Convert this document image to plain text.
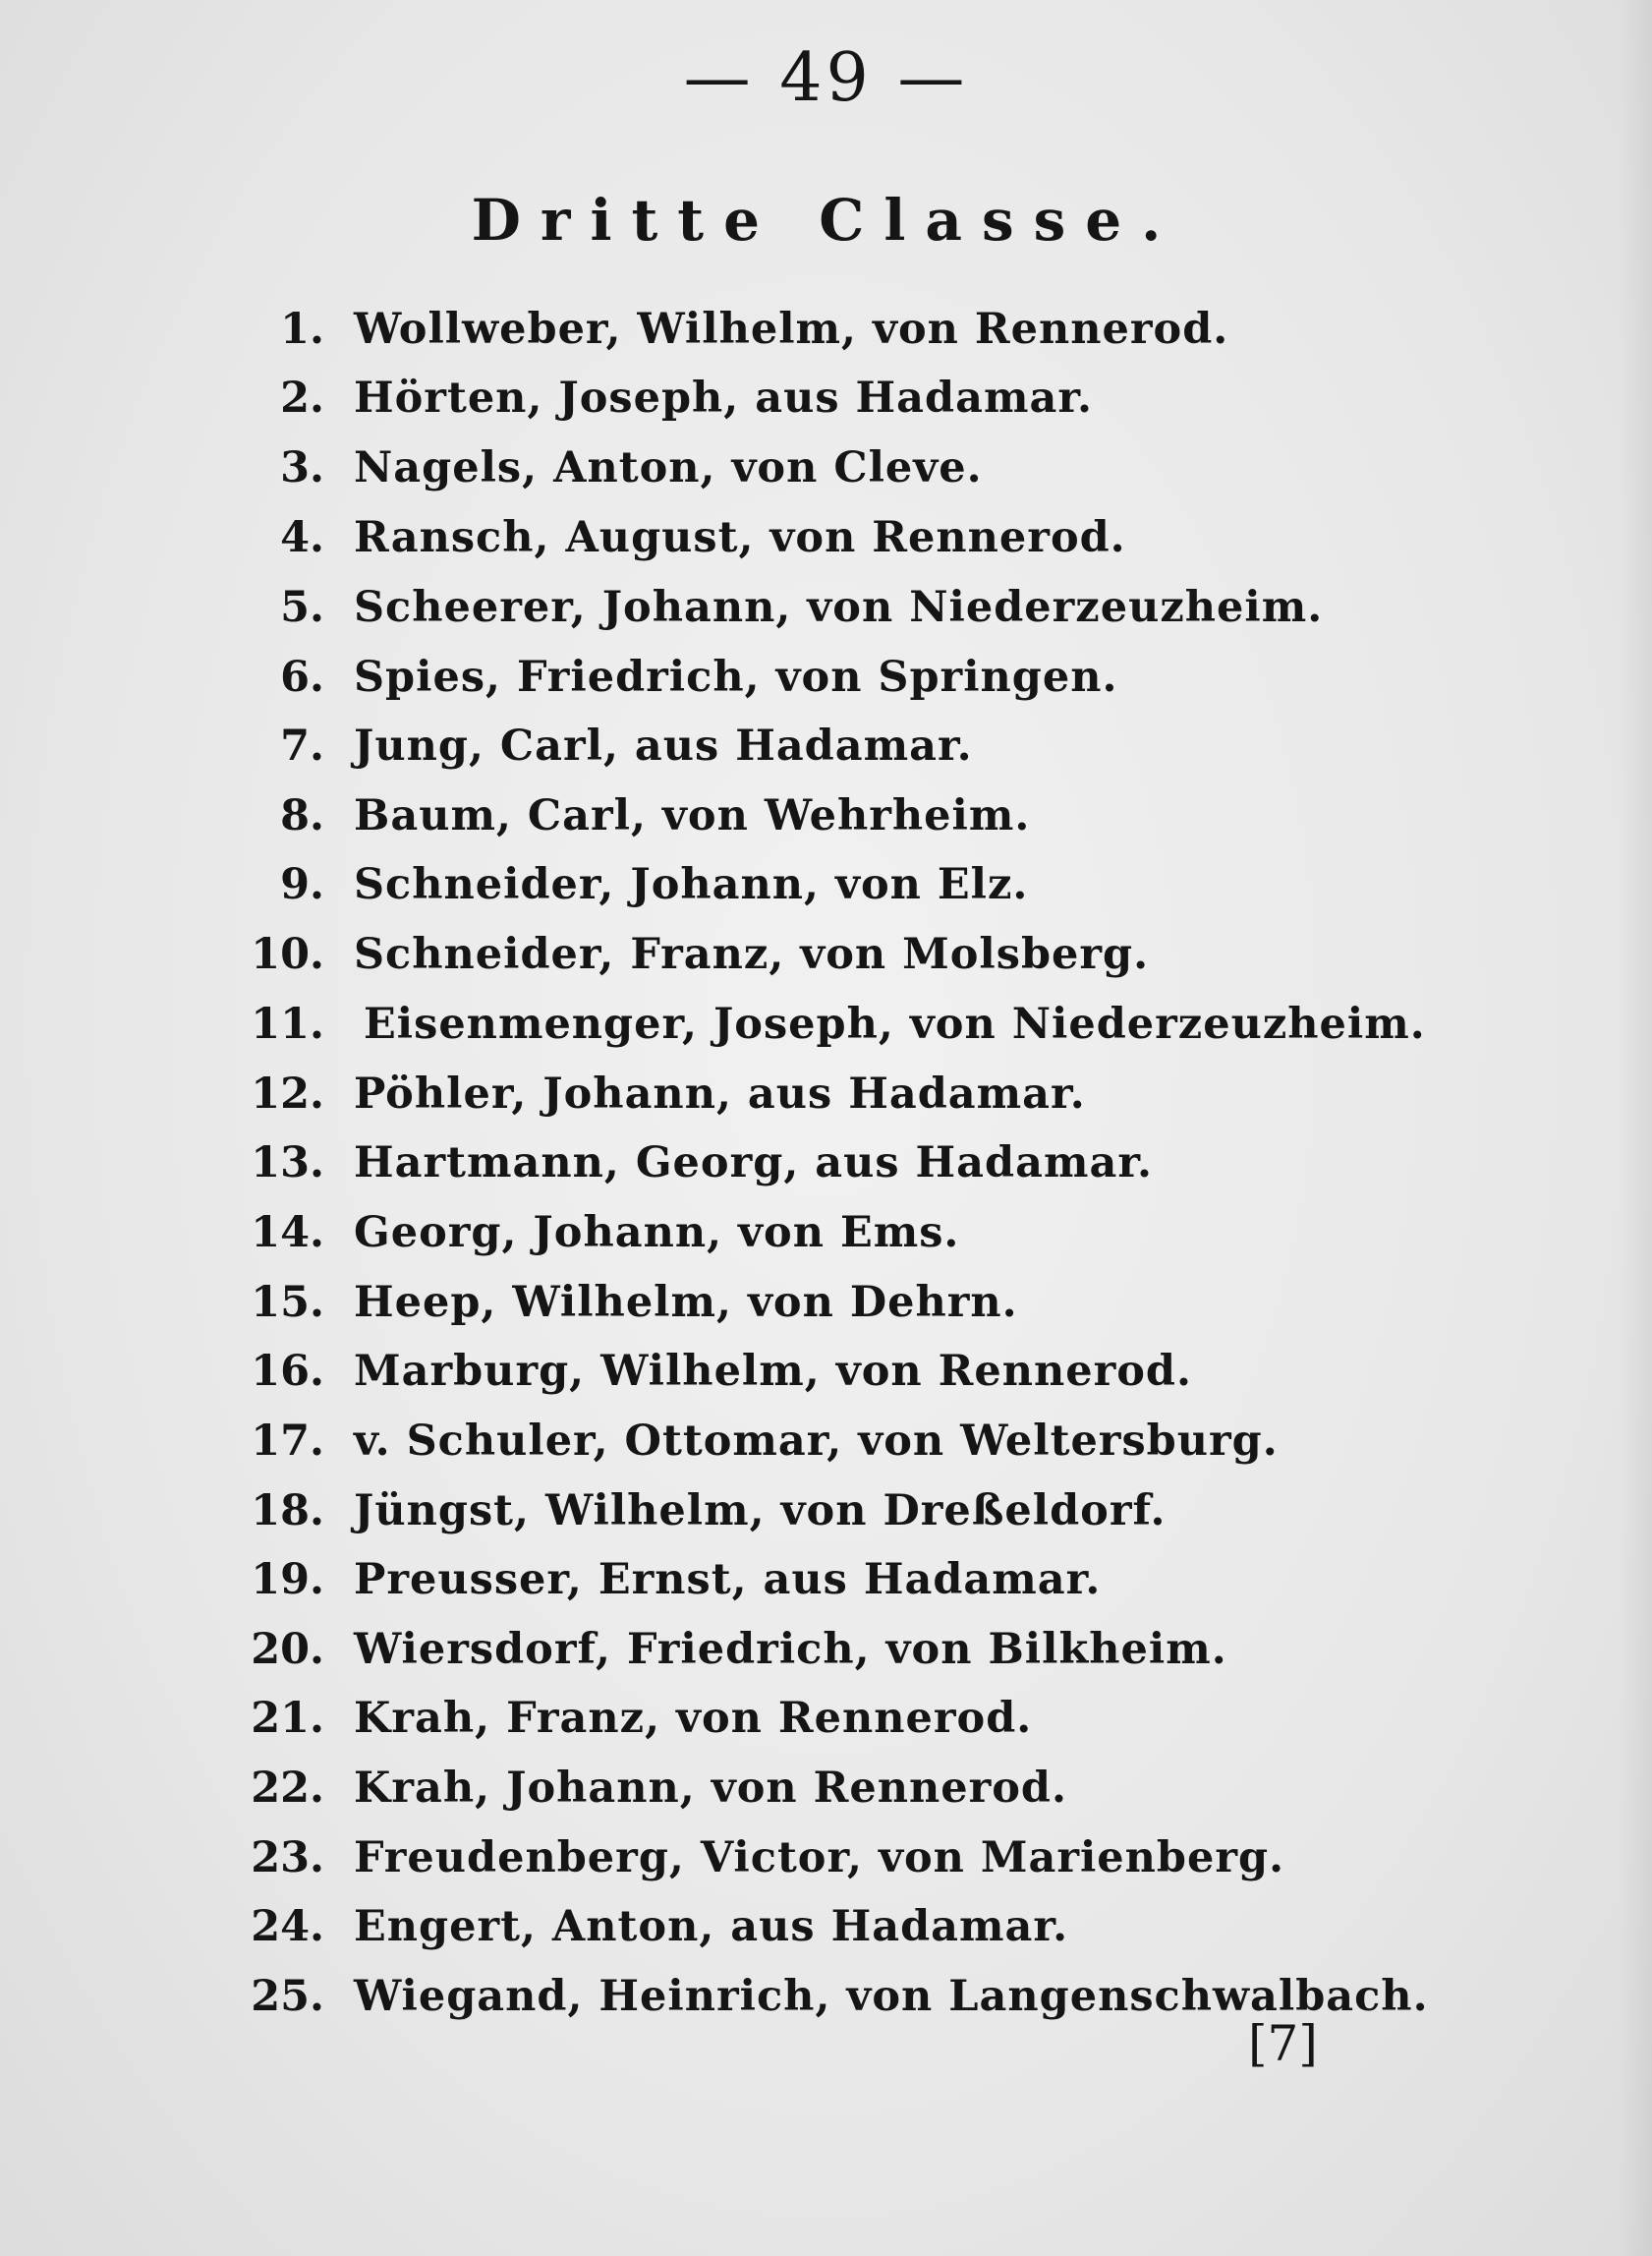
— 49 —
Dritte Classe.
1. Wollweber, Wilhelm, von Rennerod.
2. Hörten, Joseph, aus Hadamar.
3. Nagels, Anton, von Cleve.
4. Ransch, August, von Rennerod.
5. Scheerer, Johann, von Niederzeuzheim.
6. Spies, Friedrich, von Springen.
7. Jung, Carl, aus Hadamar.
8. Baum, Carl, von Wehrheim.
9. Schneider, Johann, von Elz.
10. Schneider, Franz, von Molsberg.
11. Eisenmenger, Joseph, von Niederzeuzheim.
12. Pöhler, Johann, aus Hadamar.
13. Hartmann, Georg, aus Hadamar.
14. Georg, Johann, von Ems.
15. Heep, Wilhelm, von Dehrn.
16. Marburg, Wilhelm, von Rennerod.
17. v. Schuler, Ottomar, von Weltersburg.
18. Jüngst, Wilhelm, von Dreßeldorf.
19. Preusser, Ernst, aus Hadamar.
20. Wiersdorf, Friedrich, von Bilkheim.
21. Krah, Franz, von Rennerod.
22. Krah, Johann, von Rennerod.
23. Freudenberg, Victor, von Marienberg.
24. Engert, Anton, aus Hadamar.
25. Wiegand, Heinrich, von Langenschwalbach.
[7]
